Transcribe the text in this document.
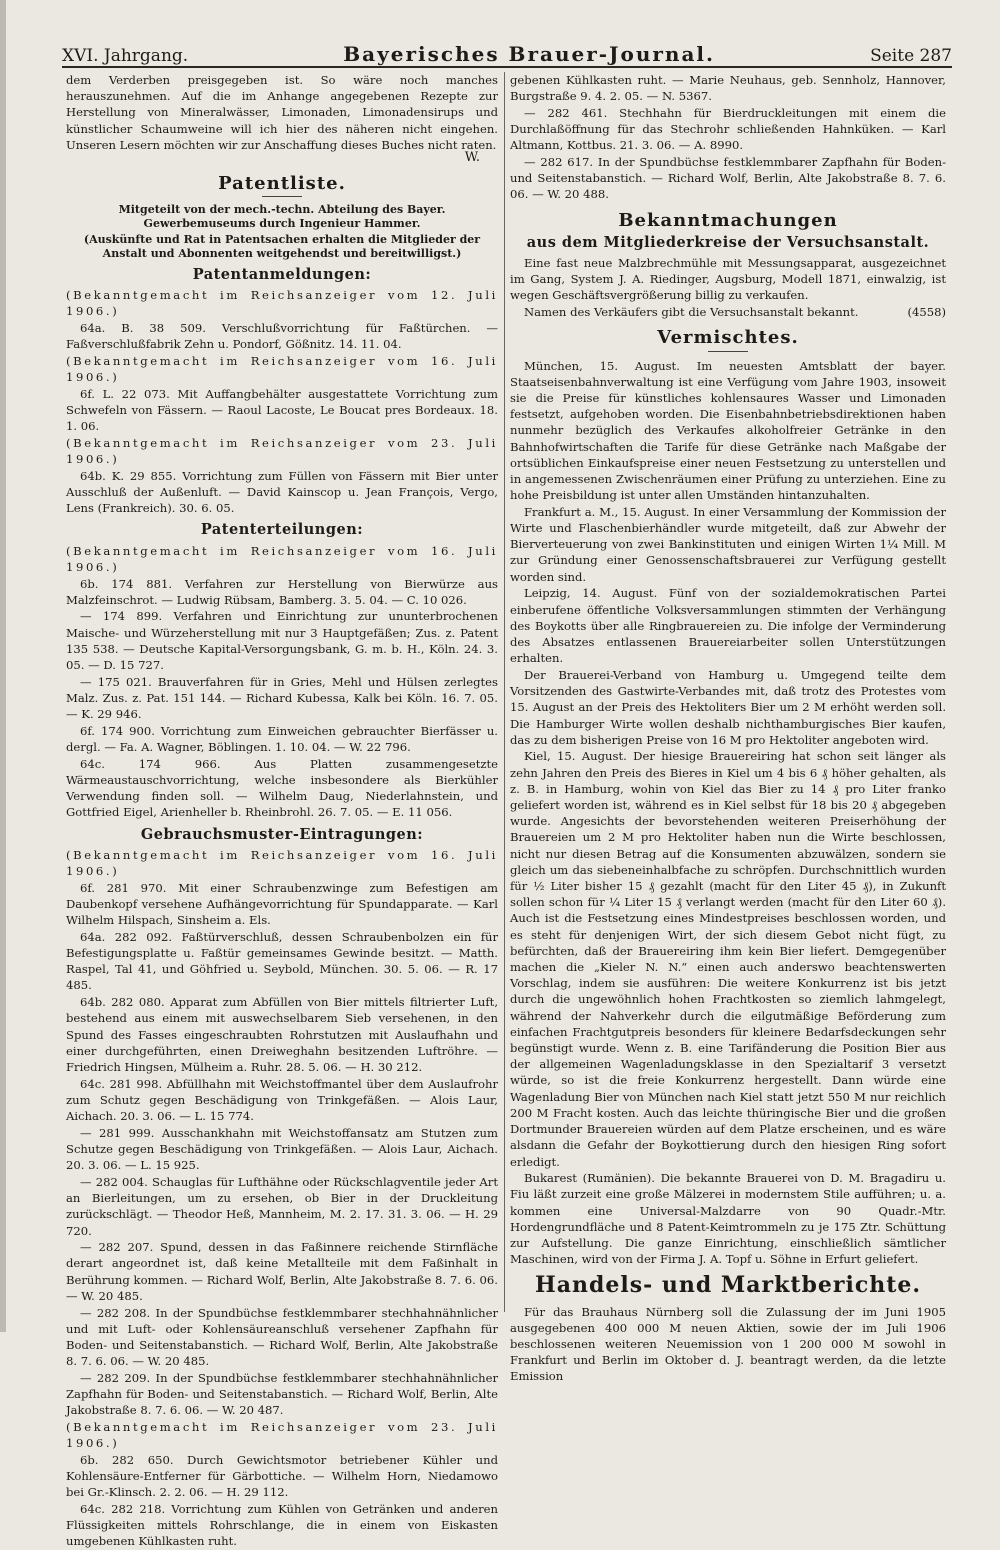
XVI. Jahrgang.	Bayerisches Brauer-Journal.	Seite 287

dem Verderben preisgegeben ist. So wäre noch manches herauszunehmen. Auf die im Anhange angegebenen Rezepte zur Herstellung von Mineralwässer, Limonaden, Limonadensirups und künstlicher Schaumweine will ich hier des näheren nicht eingehen. Unseren Lesern möchten wir zur Anschaffung dieses Buches nicht raten.

W.
Patentliste.
Mitgeteilt von der mech.-techn. Abteilung des Bayer. Gewerbemuseums durch Ingenieur Hammer.
(Auskünfte und Rat in Patentsachen erhalten die Mitglieder der Anstalt und Abonnenten weitgehendst und bereitwilligst.)
Patentanmeldungen:

(Bekanntgemacht im Reichsanzeiger vom 12. Juli 1906.)

64a. B. 38 509. Verschlußvorrichtung für Faßtürchen. — Faßverschlußfabrik Zehn u. Pondorf, Gößnitz. 14. 11. 04.

(Bekanntgemacht im Reichsanzeiger vom 16. Juli 1906.)

6f. L. 22 073. Mit Auffangbehälter ausgestattete Vorrichtung zum Schwefeln von Fässern. — Raoul Lacoste, Le Boucat pres Bordeaux. 18. 1. 06.

(Bekanntgemacht im Reichsanzeiger vom 23. Juli 1906.)

64b. K. 29 855. Vorrichtung zum Füllen von Fässern mit Bier unter Ausschluß der Außenluft. — David Kainscop u. Jean François, Vergo, Lens (Frankreich). 30. 6. 05.

Patenterteilungen:

(Bekanntgemacht im Reichsanzeiger vom 16. Juli 1906.)

6b. 174 881. Verfahren zur Herstellung von Bierwürze aus Malzfeinschrot. — Ludwig Rübsam, Bamberg. 3. 5. 04. — C. 10 026.

— 174 899. Verfahren und Einrichtung zur ununterbrochenen Maische- und Würzeherstellung mit nur 3 Hauptgefäßen; Zus. z. Patent 135 538. — Deutsche Kapital-Versorgungsbank, G. m. b. H., Köln. 24. 3. 05. — D. 15 727.

— 175 021. Brauverfahren für in Gries, Mehl und Hülsen zerlegtes Malz. Zus. z. Pat. 151 144. — Richard Kubessa, Kalk bei Köln. 16. 7. 05. — K. 29 946.

6f. 174 900. Vorrichtung zum Einweichen gebrauchter Bierfässer u. dergl. — Fa. A. Wagner, Böblingen. 1. 10. 04. — W. 22 796.

64c. 174 966. Aus Platten zusammengesetzte Wärmeaustauschvorrichtung, welche insbesondere als Bierkühler Verwendung finden soll. — Wilhelm Daug, Niederlahnstein, und Gottfried Eigel, Arienheller b. Rheinbrohl. 26. 7. 05. — E. 11 056.

Gebrauchsmuster-Eintragungen:

(Bekanntgemacht im Reichsanzeiger vom 16. Juli 1906.)

6f. 281 970. Mit einer Schraubenzwinge zum Befestigen am Daubenkopf versehene Aufhängevorrichtung für Spundapparate. — Karl Wilhelm Hilspach, Sinsheim a. Els.

64a. 282 092. Faßtürverschluß, dessen Schraubenbolzen ein für Befestigungsplatte u. Faßtür gemeinsames Gewinde besitzt. — Matth. Raspel, Tal 41, und Göhfried u. Seybold, München. 30. 5. 06. — R. 17 485.

64b. 282 080. Apparat zum Abfüllen von Bier mittels filtrierter Luft, bestehend aus einem mit auswechselbarem Sieb versehenen, in den Spund des Fasses eingeschraubten Rohrstutzen mit Auslaufhahn und einer durchgeführten, einen Dreiweghahn besitzenden Luftröhre. — Friedrich Hingsen, Mülheim a. Ruhr. 28. 5. 06. — H. 30 212.

64c. 281 998. Abfüllhahn mit Weichstoffmantel über dem Auslaufrohr zum Schutz gegen Beschädigung von Trinkgefäßen. — Alois Laur, Aichach. 20. 3. 06. — L. 15 774.

— 281 999. Ausschankhahn mit Weichstoffansatz am Stutzen zum Schutze gegen Beschädigung von Trinkgefäßen. — Alois Laur, Aichach. 20. 3. 06. — L. 15 925.

— 282 004. Schauglas für Lufthähne oder Rückschlagventile jeder Art an Bierleitungen, um zu ersehen, ob Bier in der Druckleitung zurückschlägt. — Theodor Heß, Mannheim, M. 2. 17. 31. 3. 06. — H. 29 720.

— 282 207. Spund, dessen in das Faßinnere reichende Stirnfläche derart angeordnet ist, daß keine Metallteile mit dem Faßinhalt in Berührung kommen. — Richard Wolf, Berlin, Alte Jakobstraße 8. 7. 6. 06. — W. 20 485.

— 282 208. In der Spundbüchse festklemmbarer stechhahnähnlicher und mit Luft- oder Kohlensäureanschluß versehener Zapfhahn für Boden- und Seitenstabanstich. — Richard Wolf, Berlin, Alte Jakobstraße 8. 7. 6. 06. — W. 20 485.

— 282 209. In der Spundbüchse festklemmbarer stechhahnähnlicher Zapfhahn für Boden- und Seitenstabanstich. — Richard Wolf, Berlin, Alte Jakobstraße 8. 7. 6. 06. — W. 20 487.

(Bekanntgemacht im Reichsanzeiger vom 23. Juli 1906.)

6b. 282 650. Durch Gewichtsmotor betriebener Kühler und Kohlensäure-Entferner für Gärbottiche. — Wilhelm Horn, Niedamowo bei Gr.-Klinsch. 2. 2. 06. — H. 29 112.

64c. 282 218. Vorrichtung zum Kühlen von Getränken und anderen Flüssigkeiten mittels Rohrschlange, die in einem von Eiskasten umgebenen Kühlkasten ruht.

gebenen Kühlkasten ruht. — Marie Neuhaus, geb. Sennholz, Hannover, Burgstraße 9. 4. 2. 05. — N. 5367.

— 282 461. Stechhahn für Bierdruckleitungen mit einem die Durchlaßöffnung für das Stechrohr schließenden Hahnküken. — Karl Altmann, Kottbus. 21. 3. 06. — A. 8990.

— 282 617. In der Spundbüchse festklemmbarer Zapfhahn für Boden- und Seitenstabanstich. — Richard Wolf, Berlin, Alte Jakobstraße 8. 7. 6. 06. — W. 20 488.

Bekanntmachungen
aus dem Mitgliederkreise der Versuchsanstalt.

Eine fast neue Malzbrechmühle mit Messungsapparat, ausgezeichnet im Gang, System J. A. Riedinger, Augsburg, Modell 1871, einwalzig, ist wegen Geschäftsvergrößerung billig zu verkaufen.

Namen des Verkäufers gibt die Versuchsanstalt bekannt.	(4558)

Vermischtes.

München, 15. August. Im neuesten Amtsblatt der bayer. Staatseisenbahnverwaltung ist eine Verfügung vom Jahre 1903, insoweit sie die Preise für künstliches kohlensaures Wasser und Limonaden festsetzt, aufgehoben worden. Die Eisenbahnbetriebsdirektionen haben nunmehr bezüglich des Verkaufes alkoholfreier Getränke in den Bahnhofwirtschaften die Tarife für diese Getränke nach Maßgabe der ortsüblichen Einkaufspreise einer neuen Festsetzung zu unterstellen und in angemessenen Zwischenräumen einer Prüfung zu unterziehen. Eine zu hohe Preisbildung ist unter allen Umständen hintanzuhalten.

Frankfurt a. M., 15. August. In einer Versammlung der Kommission der Wirte und Flaschenbierhändler wurde mitgeteilt, daß zur Abwehr der Bierverteuerung von zwei Bankinstituten und einigen Wirten 1¼ Mill. M zur Gründung einer Genossenschaftsbrauerei zur Verfügung gestellt worden sind.

Leipzig, 14. August. Fünf von der sozialdemokratischen Partei einberufene öffentliche Volksversammlungen stimmten der Verhängung des Boykotts über alle Ringbrauereien zu. Die infolge der Verminderung des Absatzes entlassenen Brauereiarbeiter sollen Unterstützungen erhalten.

Der Brauerei-Verband von Hamburg u. Umgegend teilte dem Vorsitzenden des Gastwirte-Verbandes mit, daß trotz des Protestes vom 15. August an der Preis des Hektoliters Bier um 2 M erhöht werden soll. Die Hamburger Wirte wollen deshalb nichthamburgisches Bier kaufen, das zu dem bisherigen Preise von 16 M pro Hektoliter angeboten wird.

Kiel, 15. August. Der hiesige Brauereiring hat schon seit länger als zehn Jahren den Preis des Bieres in Kiel um 4 bis 6 ₰ höher gehalten, als z. B. in Hamburg, wohin von Kiel das Bier zu 14 ₰ pro Liter franko geliefert worden ist, während es in Kiel selbst für 18 bis 20 ₰ abgegeben wurde. Angesichts der bevorstehenden weiteren Preiserhöhung der Brauereien um 2 M pro Hektoliter haben nun die Wirte beschlossen, nicht nur diesen Betrag auf die Konsumenten abzuwälzen, sondern sie gleich um das siebeneinhalbfache zu schröpfen. Durchschnittlich wurden für ½ Liter bisher 15 ₰ gezahlt (macht für den Liter 45 ₰), in Zukunft sollen schon für ¼ Liter 15 ₰ verlangt werden (macht für den Liter 60 ₰). Auch ist die Festsetzung eines Mindestpreises beschlossen worden, und es steht für denjenigen Wirt, der sich diesem Gebot nicht fügt, zu befürchten, daß der Brauereiring ihm kein Bier liefert. Demgegenüber machen die „Kieler N. N.“ einen auch anderswo beachtenswerten Vorschlag, indem sie ausführen: Die weitere Konkurrenz ist bis jetzt durch die ungewöhnlich hohen Frachtkosten so ziemlich lahmgelegt, während der Nahverkehr durch die eilgutmäßige Beförderung zum einfachen Frachtgutpreis besonders für kleinere Bedarfsdeckungen sehr begünstigt wurde. Wenn z. B. eine Tarifänderung die Position Bier aus der allgemeinen Wagenladungsklasse in den Spezialtarif 3 versetzt würde, so ist die freie Konkurrenz hergestellt. Dann würde eine Wagenladung Bier von München nach Kiel statt jetzt 550 M nur reichlich 200 M Fracht kosten. Auch das leichte thüringische Bier und die großen Dortmunder Brauereien würden auf dem Platze erscheinen, und es wäre alsdann die Gefahr der Boykottierung durch den hiesigen Ring sofort erledigt.

Bukarest (Rumänien). Die bekannte Brauerei von D. M. Bragadiru u. Fiu läßt zurzeit eine große Mälzerei in modernstem Stile aufführen; u. a. kommen eine Universal-Malzdarre von 90 Quadr.-Mtr. Hordengrundfläche und 8 Patent-Keimtrommeln zu je 175 Ztr. Schüttung zur Aufstellung. Die ganze Einrichtung, einschließlich sämtlicher Maschinen, wird von der Firma J. A. Topf u. Söhne in Erfurt geliefert.

Handels- und Marktberichte.

Für das Brauhaus Nürnberg soll die Zulassung der im Juni 1905 ausgegebenen 400 000 M neuen Aktien, sowie der im Juli 1906 beschlossenen weiteren Neuemission von 1 200 000 M sowohl in Frankfurt und Berlin im Oktober d. J. beantragt werden, da die letzte Emission
